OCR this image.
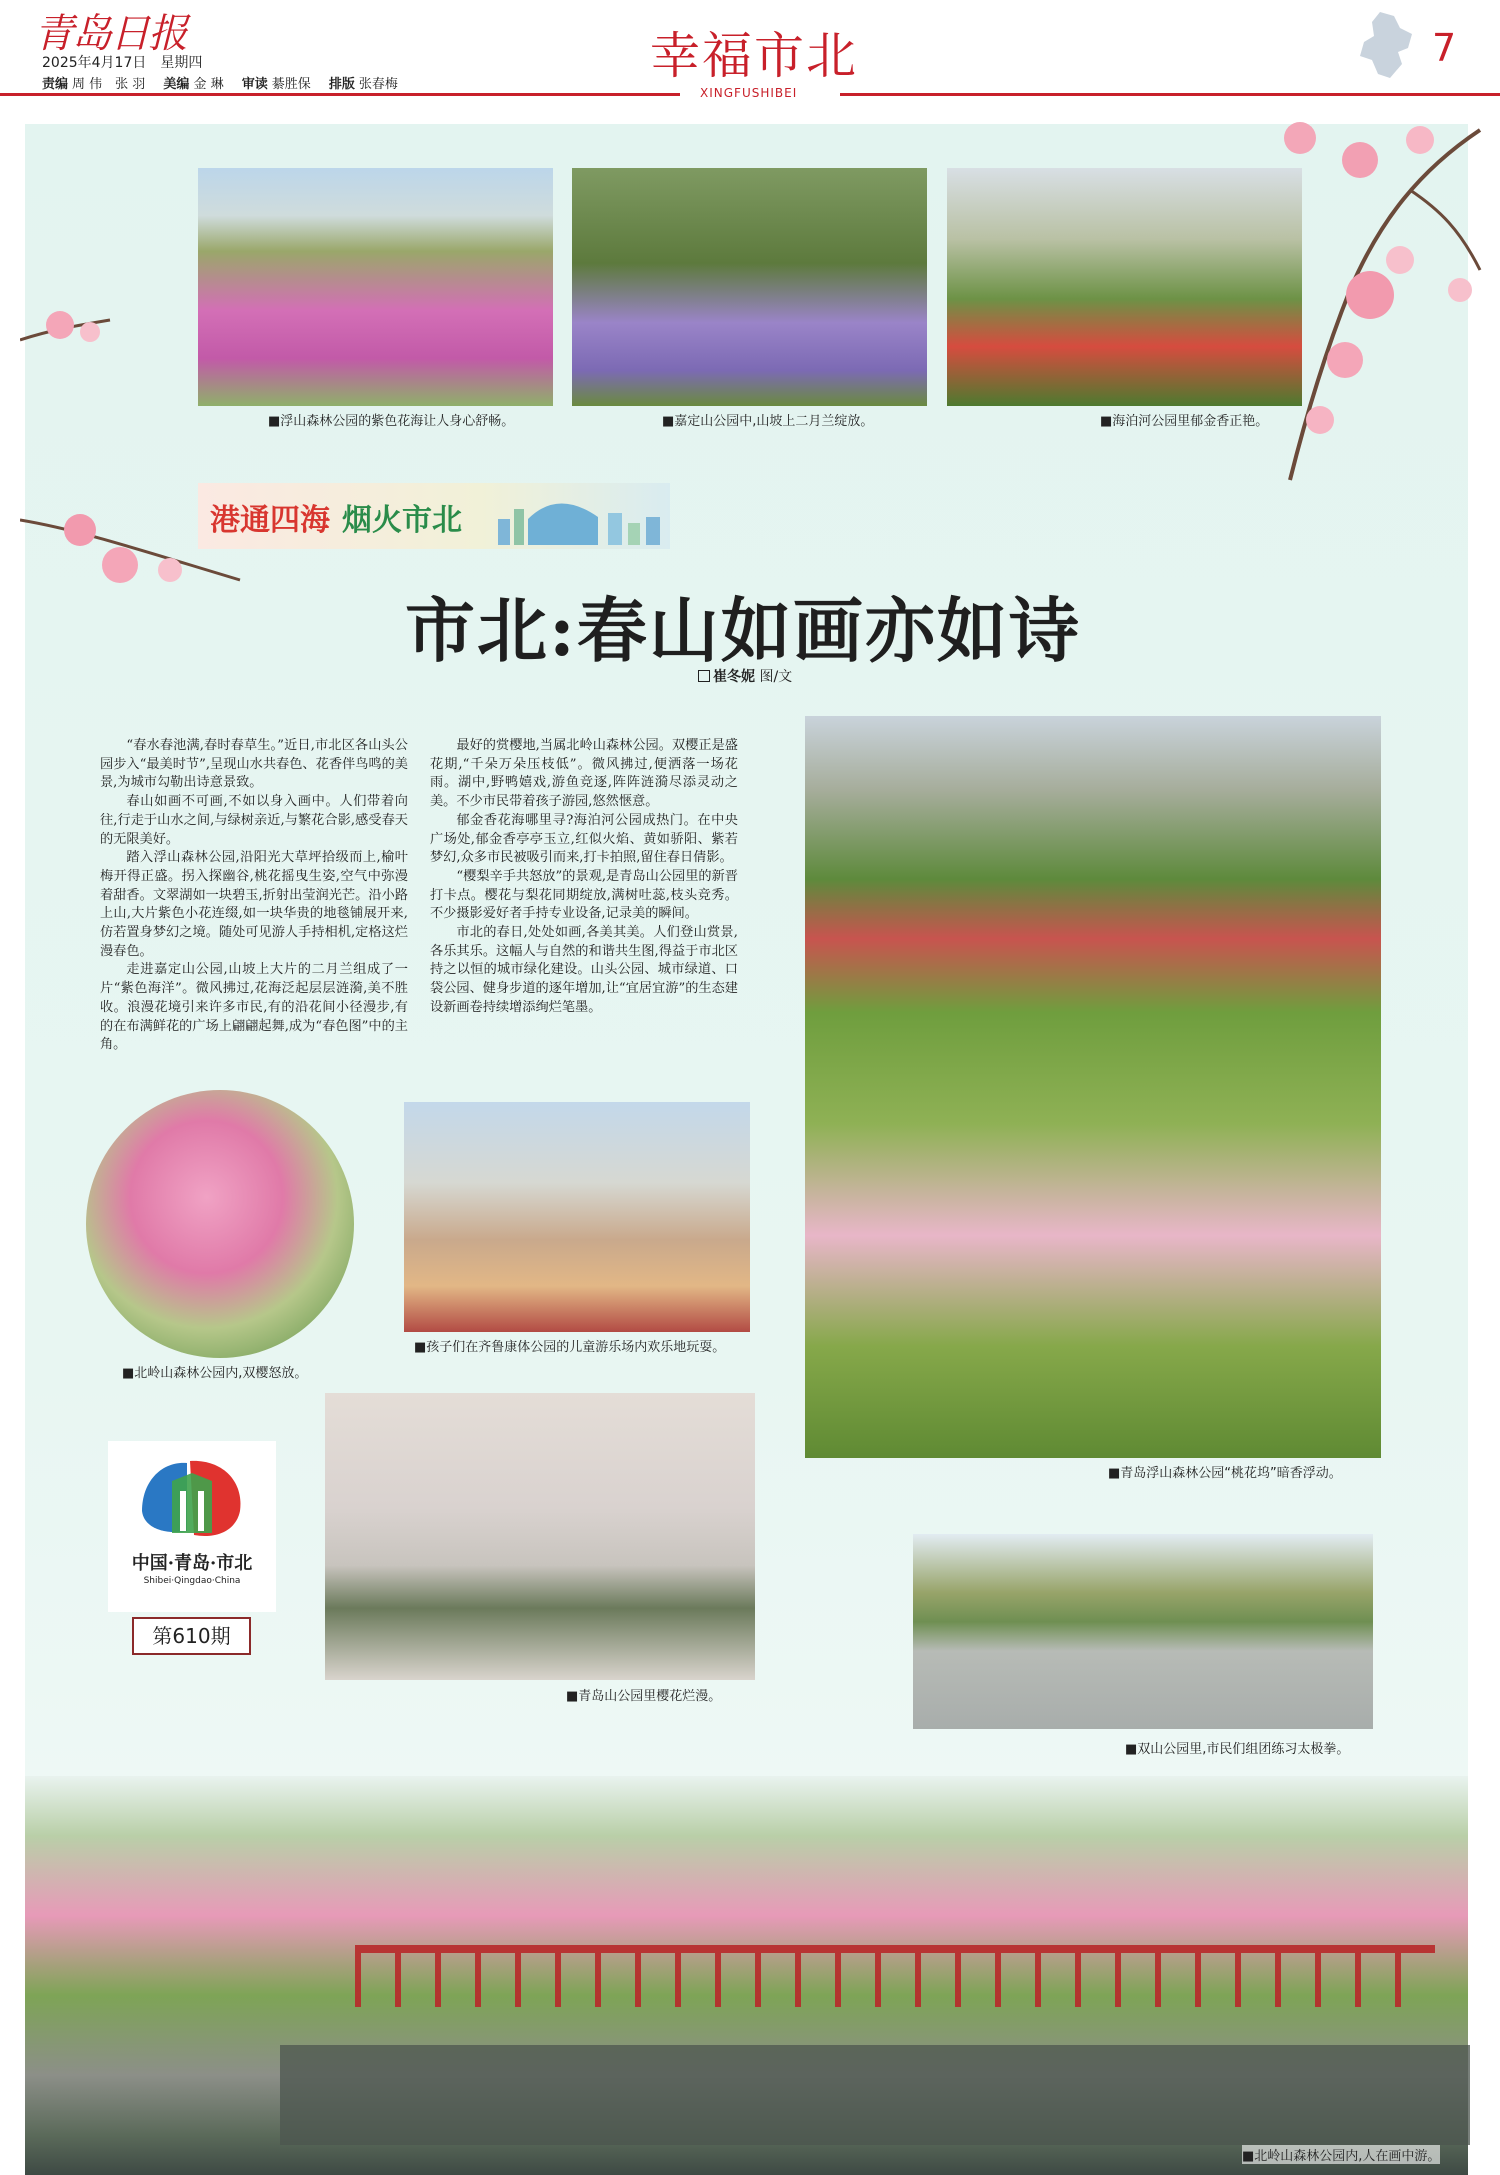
青岛日报
2025年4月17日　星期四
责编 周 伟　张 羽 美编 金 琳 审读 綦胜保 排版 张春梅	幸福市北
XINGFUSHIBEI
7
■浮山森林公园的紫色花海让人身心舒畅。	■嘉定山公园中,山坡上二月兰绽放。	■海泊河公园里郁金香正艳。
港通四海 烟火市北
市北:春山如画亦如诗
崔冬妮 图/文

“春水春池满,春时春草生。”近日,市北区各山头公园步入“最美时节”,呈现山水共春色、花香伴鸟鸣的美景,为城市勾勒出诗意景致。

春山如画不可画,不如以身入画中。人们带着向往,行走于山水之间,与绿树亲近,与繁花合影,感受春天的无限美好。

踏入浮山森林公园,沿阳光大草坪拾级而上,榆叶梅开得正盛。拐入探幽谷,桃花摇曳生姿,空气中弥漫着甜香。文翠湖如一块碧玉,折射出莹润光芒。沿小路上山,大片紫色小花连缀,如一块华贵的地毯铺展开来,仿若置身梦幻之境。随处可见游人手持相机,定格这烂漫春色。

走进嘉定山公园,山坡上大片的二月兰组成了一片“紫色海洋”。微风拂过,花海泛起层层涟漪,美不胜收。浪漫花境引来许多市民,有的沿花间小径漫步,有的在布满鲜花的广场上翩翩起舞,成为“春色图”中的主角。

最好的赏樱地,当属北岭山森林公园。双樱正是盛花期,“千朵万朵压枝低”。微风拂过,便洒落一场花雨。湖中,野鸭嬉戏,游鱼竞逐,阵阵涟漪尽添灵动之美。不少市民带着孩子游园,悠然惬意。

郁金香花海哪里寻?海泊河公园成热门。在中央广场处,郁金香亭亭玉立,红似火焰、黄如骄阳、紫若梦幻,众多市民被吸引而来,打卡拍照,留住春日倩影。

“樱梨辛手共怒放”的景观,是青岛山公园里的新晋打卡点。樱花与梨花同期绽放,满树吐蕊,枝头竞秀。不少摄影爱好者手持专业设备,记录美的瞬间。

市北的春日,处处如画,各美其美。人们登山赏景,各乐其乐。这幅人与自然的和谐共生图,得益于市北区持之以恒的城市绿化建设。山头公园、城市绿道、口袋公园、健身步道的逐年增加,让“宜居宜游”的生态建设新画卷持续增添绚烂笔墨。

■青岛浮山森林公园“桃花坞”暗香浮动。
■北岭山森林公园内,双樱怒放。
■孩子们在齐鲁康体公园的儿童游乐场内欢乐地玩耍。
中国·青岛·市北
Shibei·Qingdao·China
第610期
■青岛山公园里樱花烂漫。
■双山公园里,市民们组团练习太极拳。
■北岭山森林公园内,人在画中游。
